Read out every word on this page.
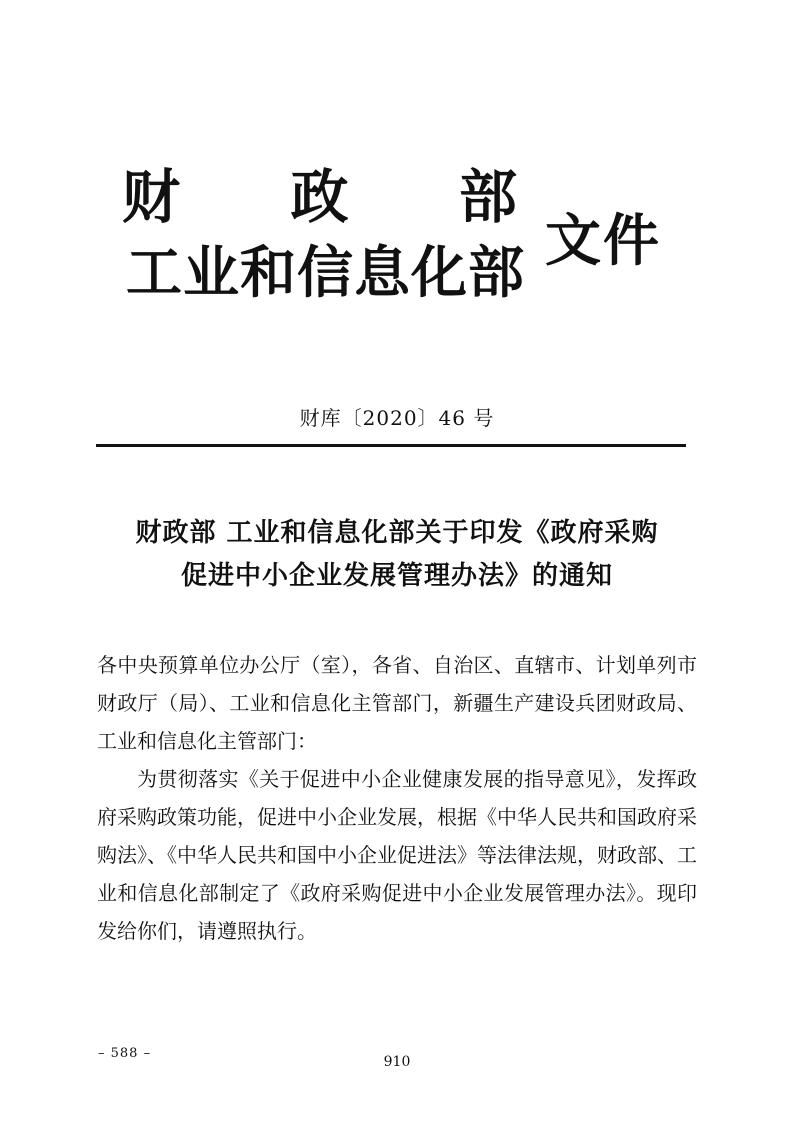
财 政 部
工业和信息化部 文件
财库〔2020〕46 号
财政部 工业和信息化部关于印发《政府采购
促进中小企业发展管理办法》的通知

各中央预算单位办公厅（室），各省、自治区、直辖市、计划单列市财政厅（局）、工业和信息化主管部门，新疆生产建设兵团财政局、工业和信息化主管部门：

为贯彻落实《关于促进中小企业健康发展的指导意见》，发挥政府采购政策功能，促进中小企业发展，根据《中华人民共和国政府采购法》、《中华人民共和国中小企业促进法》等法律法规，财政部、工业和信息化部制定了《政府采购促进中小企业发展管理办法》。现印发给你们，请遵照执行。

– 588 –
910
